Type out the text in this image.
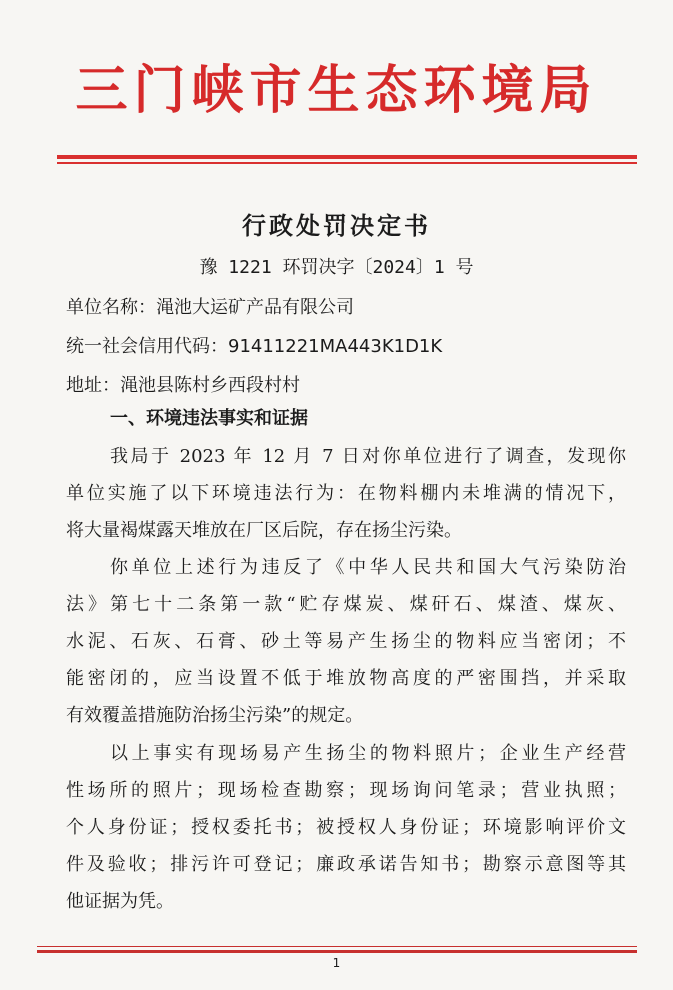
三门峡市生态环境局
行政处罚决定书
豫 1221 环罚决字〔2024〕1 号
单位名称：渑池大运矿产品有限公司
统一社会信用代码：91411221MA443K1D1K
地址：渑池县陈村乡西段村村
一、环境违法事实和证据
我局于 2023 年 12 月 7 日对你单位进行了调查，发现你
单位实施了以下环境违法行为：在物料棚内未堆满的情况下，
将大量褐煤露天堆放在厂区后院，存在扬尘污染。
你单位上述行为违反了《中华人民共和国大气污染防治
法》第七十二条第一款“贮存煤炭、煤矸石、煤渣、煤灰、
水泥、石灰、石膏、砂土等易产生扬尘的物料应当密闭；不
能密闭的，应当设置不低于堆放物高度的严密围挡，并采取
有效覆盖措施防治扬尘污染”的规定。
以上事实有现场易产生扬尘的物料照片；企业生产经营
性场所的照片；现场检查勘察；现场询问笔录；营业执照；
个人身份证；授权委托书；被授权人身份证；环境影响评价文
件及验收；排污许可登记；廉政承诺告知书；勘察示意图等其
他证据为凭。
1
